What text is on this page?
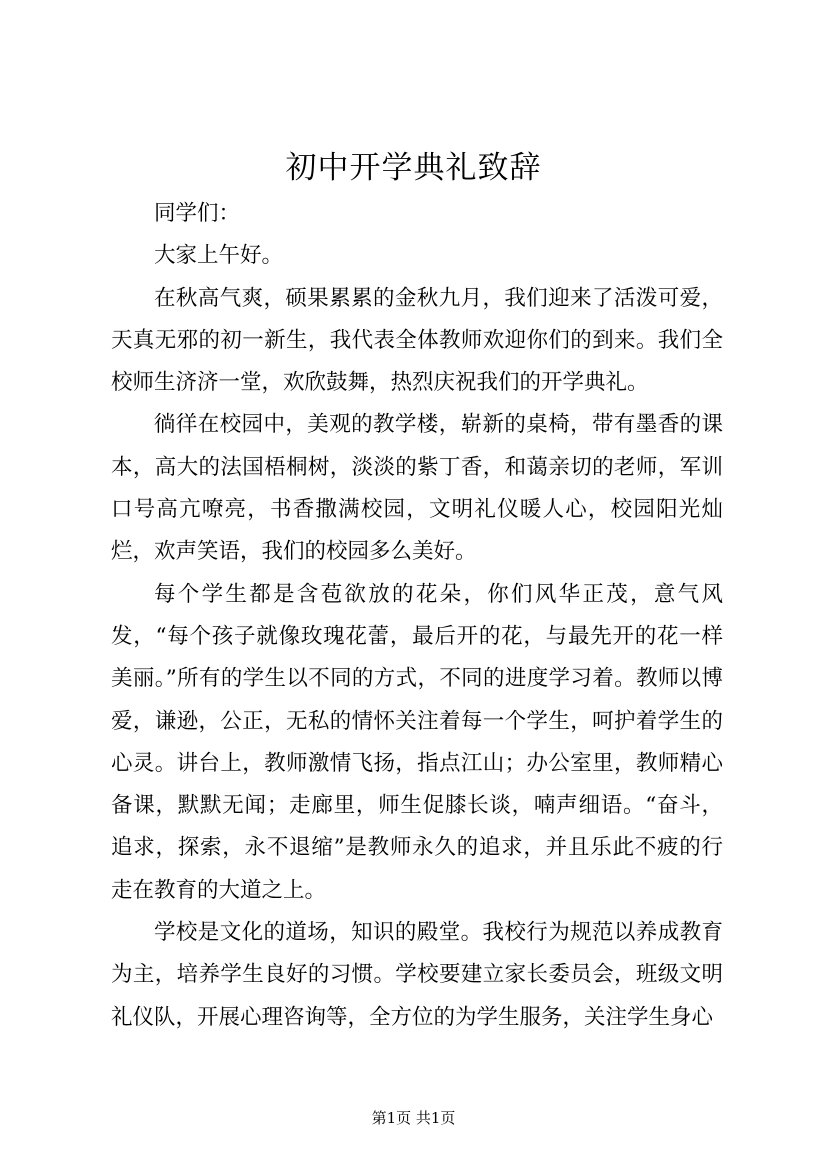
初中开学典礼致辞

同学们：

大家上午好。

在秋高气爽，硕果累累的金秋九月，我们迎来了活泼可爱，天真无邪的初一新生，我代表全体教师欢迎你们的到来。我们全校师生济济一堂，欢欣鼓舞，热烈庆祝我们的开学典礼。

徜徉在校园中，美观的教学楼，崭新的桌椅，带有墨香的课本，高大的法国梧桐树，淡淡的紫丁香，和蔼亲切的老师，军训口号高亢嘹亮，书香撒满校园，文明礼仪暖人心，校园阳光灿烂，欢声笑语，我们的校园多么美好。

每个学生都是含苞欲放的花朵，你们风华正茂，意气风发，“每个孩子就像玫瑰花蕾，最后开的花，与最先开的花一样美丽。”所有的学生以不同的方式，不同的进度学习着。教师以博爱，谦逊，公正，无私的情怀关注着每一个学生，呵护着学生的心灵。讲台上，教师激情飞扬，指点江山；办公室里，教师精心备课，默默无闻；走廊里，师生促膝长谈，喃声细语。“奋斗，追求，探索，永不退缩”是教师永久的追求，并且乐此不疲的行走在教育的大道之上。

学校是文化的道场，知识的殿堂。我校行为规范以养成教育为主，培养学生良好的习惯。学校要建立家长委员会，班级文明礼仪队，开展心理咨询等，全方位的为学生服务，关注学生身心

第1页 共1页
